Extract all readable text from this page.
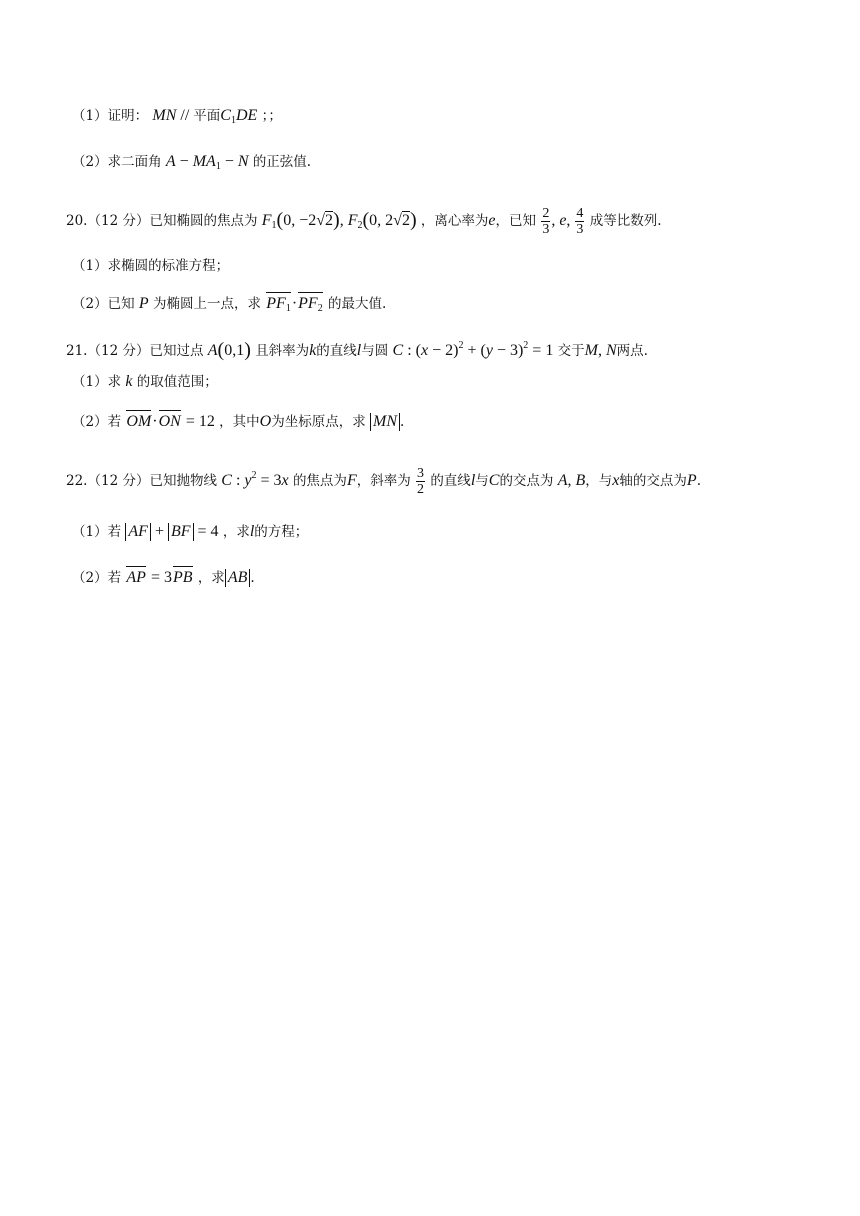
（1）证明： MN // 平面$C_1DE$ ；；
（2）求二面角 $A - MA_1 - N$ 的正弦值.
20.（12 分）已知椭圆的焦点为 $F_1(0$, −2√2), $F_2(0$, 2√2) ，离心率为e，已知 $\frac{2}{3}$ , e, $\frac{4}{3}$ 成等比数列.
（1）求椭圆的标准方程；
（2）已知 P 为椭圆上一点，求 $PF_1\cdot PF_2$ 的最大值.
21.（12 分）已知过点 A(0,1) 且斜率为k的直线l与圆 C : $(x - 2)^2 + (y - 3)^2 = 1$ 交于M, N两点.
（1）求 k 的取值范围；
（2）若 OM·ON = 12 ，其中O为坐标原点，求 MN .
22.（12 分）已知抛物线 C : $y^2 = 3x$ 的焦点为F，斜率为 $\frac{3}{2}$ 的直线l与C的交点为 A, B，与x轴的交点为P.
（1）若 AF + BF = 4 ，求l的方程；
（2）若 AP = 3PB ，求 AB .
